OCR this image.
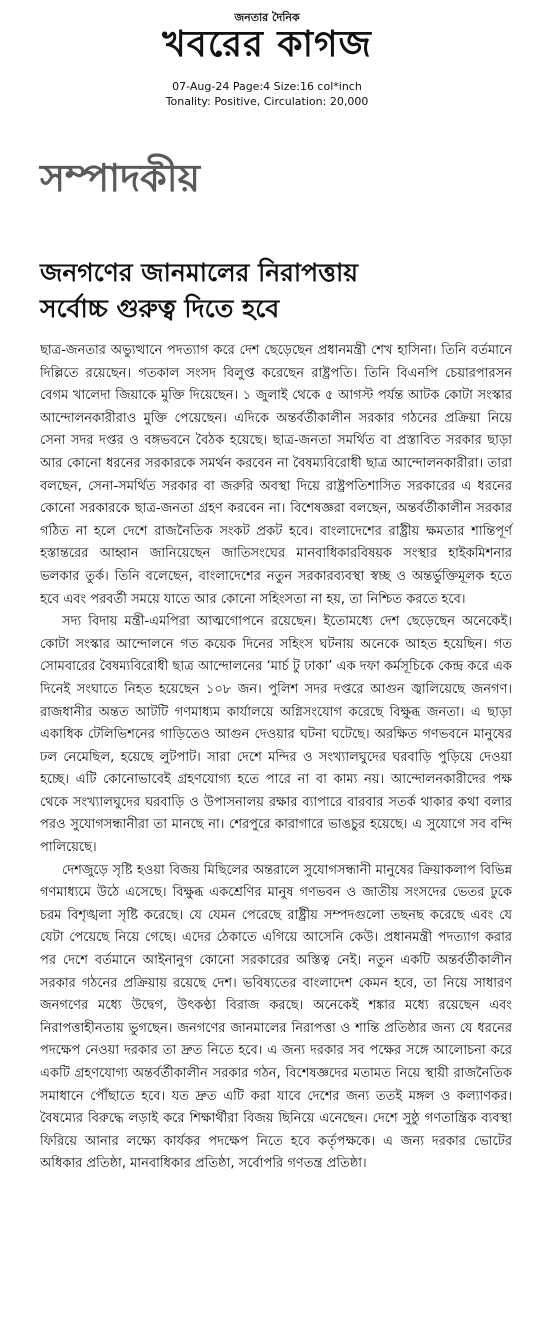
জনতার দৈনিক
খবরের কাগজ
07-Aug-24 Page:4 Size:16 col*inch
Tonality: Positive, Circulation: 20,000
সম্পাদকীয়
জনগণের জানমালের নিরাপত্তায়
সর্বোচ্চ গুরুত্ব দিতে হবে

ছাত্র-জনতার অভ্যুত্থানে পদত্যাগ করে দেশ ছেড়েছেন প্রধানমন্ত্রী শেখ হাসিনা। তিনি বর্তমানে দিল্লিতে রয়েছেন। গতকাল সংসদ বিলুপ্ত করেছেন রাষ্ট্রপতি। তিনি বিএনপি চেয়ারপারসন বেগম খালেদা জিয়াকে মুক্তি দিয়েছেন। ১ জুলাই থেকে ৫ আগস্ট পর্যন্ত আটক কোটা সংস্কার আন্দোলনকারীরাও মুক্তি পেয়েছেন। এদিকে অন্তর্বর্তীকালীন সরকার গঠনের প্রক্রিয়া নিয়ে সেনা সদর দপ্তর ও বঙ্গভবনে বৈঠক হয়েছে। ছাত্র-জনতা সমর্থিত বা প্রস্তাবিত সরকার ছাড়া আর কোনো ধরনের সরকারকে সমর্থন করবেন না বৈষম্যবিরোধী ছাত্র আন্দোলনকারীরা। তারা বলছেন, সেনা-সমর্থিত সরকার বা জরুরি অবস্থা দিয়ে রাষ্ট্রপতিশাসিত সরকারের এ ধরনের কোনো সরকারকে ছাত্র-জনতা গ্রহণ করবেন না। বিশেষজ্ঞরা বলছেন, অন্তর্বর্তীকালীন সরকার গঠিত না হলে দেশে রাজনৈতিক সংকট প্রকট হবে। বাংলাদেশের রাষ্ট্রীয় ক্ষমতার শান্তিপূর্ণ হস্তান্তরের আহ্বান জানিয়েছেন জাতিসংঘের মানবাধিকারবিষয়ক সংস্থার হাইকমিশনার ভলকার তুর্ক। তিনি বলেছেন, বাংলাদেশের নতুন সরকারব্যবস্থা স্বচ্ছ ও অন্তর্ভুক্তিমূলক হতে হবে এবং পরবর্তী সময়ে যাতে আর কোনো সহিংসতা না হয়, তা নিশ্চিত করতে হবে।

সদ্য বিদায় মন্ত্রী-এমপিরা আত্মগোপনে রয়েছেন। ইতোমধ্যে দেশ ছেড়েছেন অনেকেই। কোটা সংস্কার আন্দোলনে গত কয়েক দিনের সহিংস ঘটনায় অনেকে আহত হয়েছিন। গত সোমবারের বৈষম্যবিরোধী ছাত্র আন্দোলনের ‘মার্চ টু ঢাকা’ এক দফা কর্মসূচিকে কেন্দ্র করে এক দিনেই সংঘাতে নিহত হয়েছেন ১০৮ জন। পুলিশ সদর দপ্তরে আগুন জ্বালিয়েছে জনগণ। রাজধানীর অন্তত আটটি গণমাধ্যম কার্যালয়ে অগ্নিসংযোগ করেছে বিক্ষুব্ধ জনতা। এ ছাড়া একাধিক টেলিভিশনের গাড়িতেও আগুন দেওয়ার ঘটনা ঘটেছে। অরক্ষিত গণভবনে মানুষের ঢল নেমেছিল, হয়েছে লুটপাট। সারা দেশে মন্দির ও সংখ্যালঘুদের ঘরবাড়ি পুড়িয়ে দেওয়া হচ্ছে। এটি কোনোভাবেই গ্রহণযোগ্য হতে পারে না বা কাম্য নয়। আন্দোলনকারীদের পক্ষ থেকে সংখ্যালঘুদের ঘরবাড়ি ও উপাসনালয় রক্ষার ব্যাপারে বারবার সতর্ক থাকার কথা বলার পরও সুযোগসন্ধানীরা তা মানছে না। শেরপুরে কারাগারে ভাঙচুর হয়েছে। এ সুযোগে সব বন্দি পালিয়েছে।

দেশজুড়ে সৃষ্টি হওয়া বিজয় মিছিলের অন্তরালে সুযোগসন্ধানী মানুষের ক্রিয়াকলাপ বিভিন্ন গণমাধ্যমে উঠে এসেছে। বিক্ষুব্ধ একশ্রেণির মানুষ গণভবন ও জাতীয় সংসদের ভেতর ঢুকে চরম বিশৃঙ্খলা সৃষ্টি করেছে। যে যেমন পেরেছে রাষ্ট্রীয় সম্পদগুলো তছনছ করেছে এবং যে যেটা পেয়েছে নিয়ে গেছে। এদের ঠেকাতে এগিয়ে আসেনি কেউ। প্রধানমন্ত্রী পদত্যাগ করার পর দেশে বর্তমানে আইনানুগ কোনো সরকারের অস্তিত্ব নেই। নতুন একটি অন্তর্বর্তীকালীন সরকার গঠনের প্রক্রিয়ায় রয়েছে দেশ। ভবিষ্যতের বাংলাদেশ কেমন হবে, তা নিয়ে সাধারণ জনগণের মধ্যে উদ্বেগ, উৎকণ্ঠা বিরাজ করছে। অনেকেই শঙ্কার মধ্যে রয়েছেন এবং নিরাপত্তাহীনতায় ভুগছেন। জনগণের জানমালের নিরাপত্তা ও শান্তি প্রতিষ্ঠার জন্য যে ধরনের পদক্ষেপ নেওয়া দরকার তা দ্রুত নিতে হবে। এ জন্য দরকার সব পক্ষের সঙ্গে আলোচনা করে একটি গ্রহণযোগ্য অন্তর্বর্তীকালীন সরকার গঠন, বিশেষজ্ঞদের মতামত নিয়ে স্থায়ী রাজনৈতিক সমাধানে পৌঁছাতে হবে। যত দ্রুত এটি করা যাবে দেশের জন্য ততই মঙ্গল ও কল্যাণকর। বৈষম্যের বিরুদ্ধে লড়াই করে শিক্ষার্থীরা বিজয় ছিনিয়ে এনেছেন। দেশে সুষ্ঠু গণতান্ত্রিক ব্যবস্থা ফিরিয়ে আনার লক্ষ্যে কার্যকর পদক্ষেপ নিতে হবে কর্তৃপক্ষকে। এ জন্য দরকার ভোটের অধিকার প্রতিষ্ঠা, মানবাধিকার প্রতিষ্ঠা, সর্বোপরি গণতন্ত্র প্রতিষ্ঠা।
